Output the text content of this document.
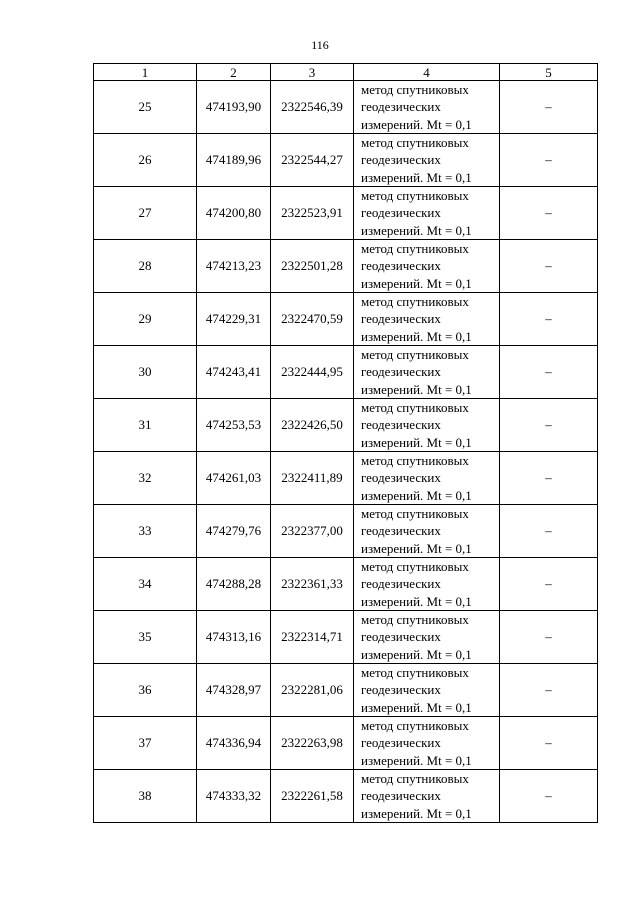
116
1	2	3	4	5
25	474193,90	2322546,39	метод спутниковых
геодезических
измерений. Mt = 0,1	–
26	474189,96	2322544,27	метод спутниковых
геодезических
измерений. Mt = 0,1	–
27	474200,80	2322523,91	метод спутниковых
геодезических
измерений. Mt = 0,1	–
28	474213,23	2322501,28	метод спутниковых
геодезических
измерений. Mt = 0,1	–
29	474229,31	2322470,59	метод спутниковых
геодезических
измерений. Mt = 0,1	–
30	474243,41	2322444,95	метод спутниковых
геодезических
измерений. Mt = 0,1	–
31	474253,53	2322426,50	метод спутниковых
геодезических
измерений. Mt = 0,1	–
32	474261,03	2322411,89	метод спутниковых
геодезических
измерений. Mt = 0,1	–
33	474279,76	2322377,00	метод спутниковых
геодезических
измерений. Mt = 0,1	–
34	474288,28	2322361,33	метод спутниковых
геодезических
измерений. Mt = 0,1	–
35	474313,16	2322314,71	метод спутниковых
геодезических
измерений. Mt = 0,1	–
36	474328,97	2322281,06	метод спутниковых
геодезических
измерений. Mt = 0,1	–
37	474336,94	2322263,98	метод спутниковых
геодезических
измерений. Mt = 0,1	–
38	474333,32	2322261,58	метод спутниковых
геодезических
измерений. Mt = 0,1	–
